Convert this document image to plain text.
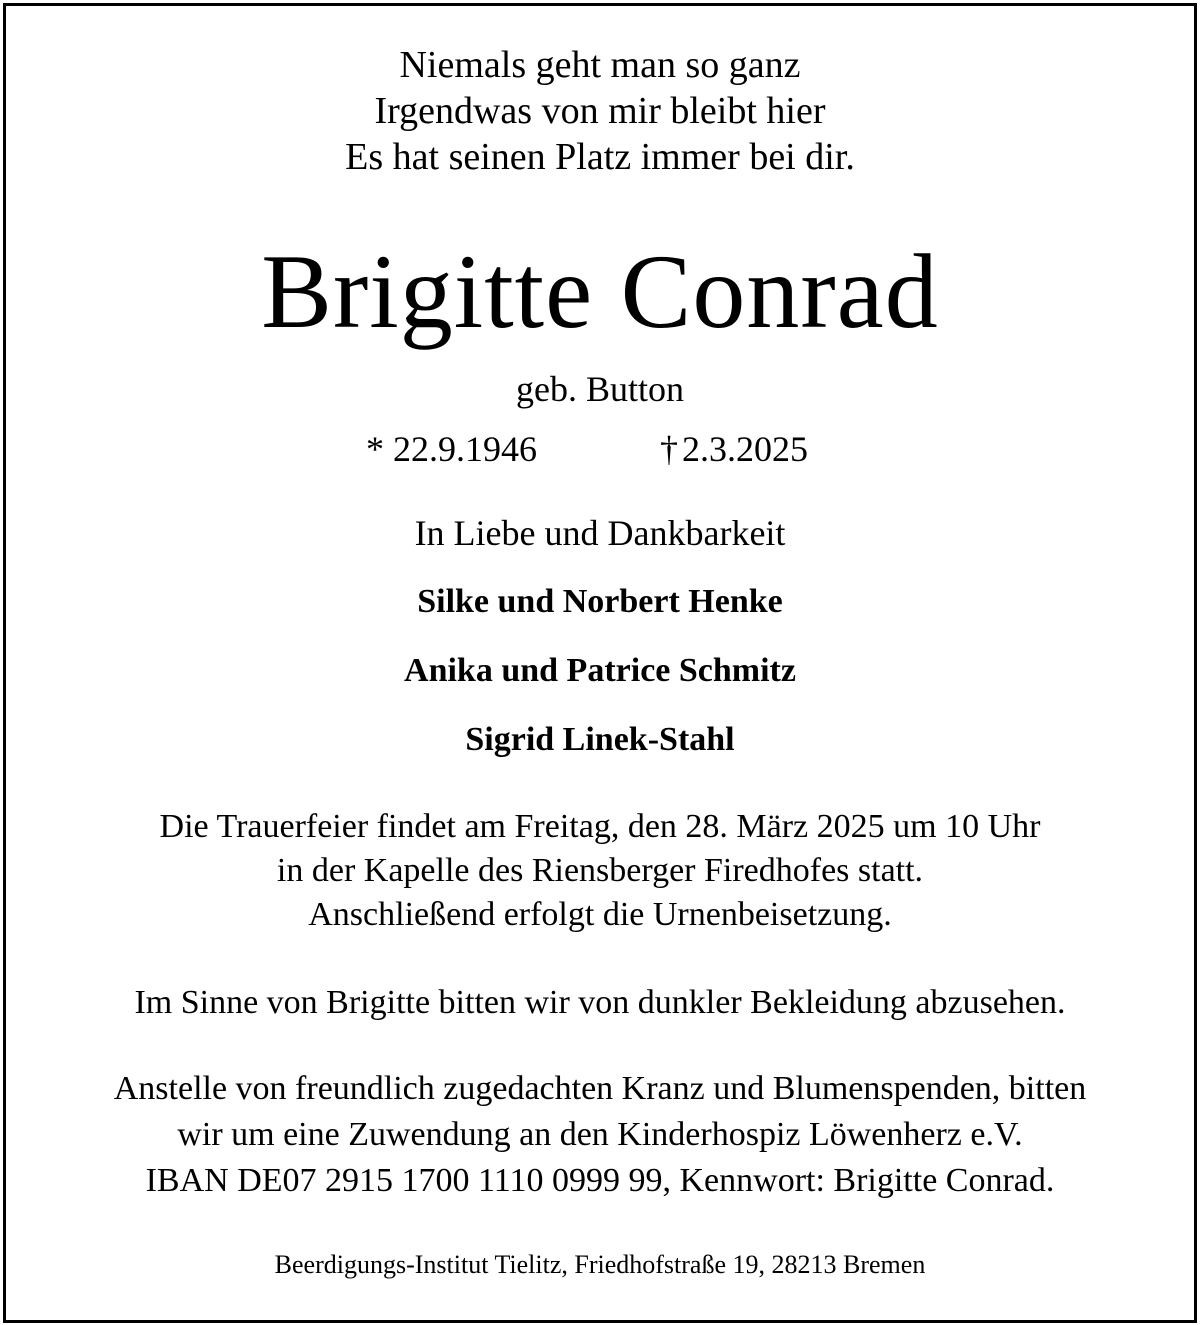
Niemals geht man so ganz
Irgendwas von mir bleibt hier
Es hat seinen Platz immer bei dir.
Brigitte Conrad
geb. Button
* 22.9.1946	† 2.3.2025
In Liebe und Dankbarkeit
Silke und Norbert Henke
Anika und Patrice Schmitz
Sigrid Linek-Stahl
Die Trauerfeier findet am Freitag, den 28. März 2025 um 10 Uhr
in der Kapelle des Riensberger Firedhofes statt.
Anschließend erfolgt die Urnenbeisetzung.
Im Sinne von Brigitte bitten wir von dunkler Bekleidung abzusehen.
Anstelle von freundlich zugedachten Kranz und Blumenspenden, bitten
wir um eine Zuwendung an den Kinderhospiz Löwenherz e.V.
IBAN DE07 2915 1700 1110 0999 99, Kennwort: Brigitte Conrad.
Beerdigungs-Institut Tielitz, Friedhofstraße 19, 28213 Bremen
